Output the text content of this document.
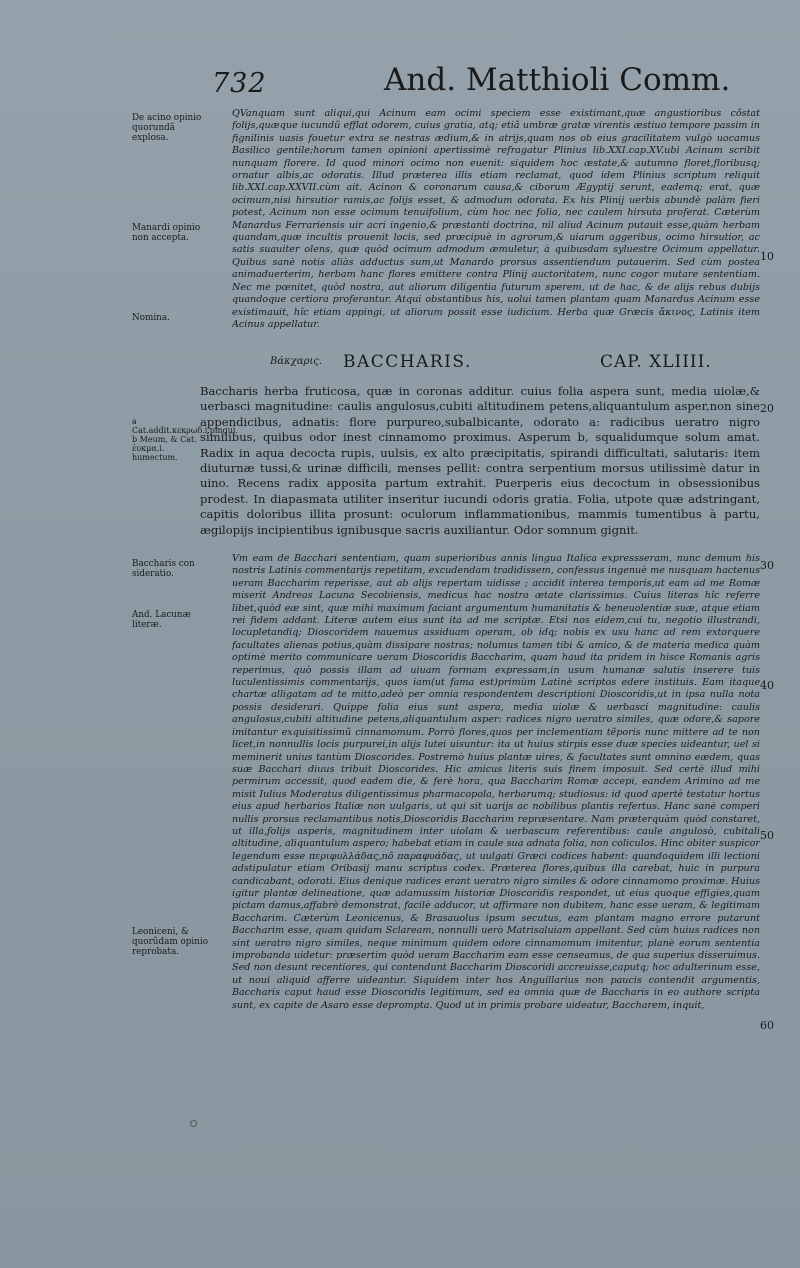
732	And. Matthioli Comm.
De acino opinio quorundã explosa.
Manardi opinio non accepta.
Nomina.
a Cat.addit.κεκρωδ.i.pingui. b Meum, & Cat. ἐυκμα.i. humectum.
Baccharis con sideratio.
And. Lacunæ literæ.
Leoniceni, & quorũdam opinio reprobata.
10
20
30
40
50
60
QVanquam sunt aliqui,qui Acinum eam ocimi speciem esse existimant,quæ angustioribus cõstat folijs,quæque iucundũ efflat odorem, cuius gratia, atq; etiã umbræ gratæ virentis æstiuo tempore passim in fignilinis uasis fouetur extra se nestras ædium,& in atrijs,quam nos ob eius gracilitatem vulgò uocamus Basilico gentile;horum tamen opinioni apertissimè refragatur Plinius lib.XXI.cap.XV.ubi Acinum scribit nunquam florere. Id quod minori ocimo non euenit: siquidem hoc æstate,& autumno floret,floribusq; ornatur albis,ac odoratis. Illud præterea illis etiam reclamat, quod idem Plinius scriptum reliquit lib.XXI.cap.XXVII.cùm ait. Acinon & coronarum causa,& ciborum Ægyptij serunt, eademq; erat, quæ ocimum,nisi hirsutior ramis,ac folijs esset, & admodum odorata. Ex his Plinij uerbis abundè palàm fieri potest, Acinum non esse ocimum tenuifolium, cùm hoc nec folia, nec caulem hirsuta proferat. Cæterùm Manardus Ferrariensis uir acri ingenio,& præstanti doctrina, nil aliud Acinum putauit esse,quàm herbam quandam,quæ incultis prouenit locis, sed præcipuè in agrorum,& uiarum aggeribus, ocimo hirsutior, ac satis suauiter olens, quæ quòd ocimum admodum æmuletur, à quibusdam syluestre Ocimum appellatur. Quibus sanè notis aliàs adductus sum,ut Manardo prorsus assentiendum putauerim. Sed cùm postea animaduerterim, herbam hanc flores emittere contra Plinij auctoritatem, nunc cogor mutare sententiam. Nec me pœnitet, quòd nostra, aut aliorum diligentia futurum sperem, ut de hac, & de alijs rebus dubijs quandoque certiora proferantur. Atqui obstantibus his, uolui tamen plantam quam Manardus Acinum esse existimauit, hîc etiam appingi, ut aliorum possit esse iudicium. Herba quæ Græcis ἄκινος, Latinis item Acinus appellatur.
Βάκχαρις. BACCHARIS.	CAP. XLIIII.
Baccharis herba fruticosa, quæ in coronas additur. cuius folia aspera sunt, media uiolæ,& uerbasci magnitudine: caulis angulosus,cubiti altitudinem petens,aliquantulum asper,non sine appendicibus, adnatis: flore purpureo,subalbicante, odorato a: radicibus ueratro nigro similibus, quibus odor inest cinnamomo proximus. Asperum b, squalidumque solum amat. Radix in aqua decocta rupis, uulsis, ex alto præcipitatis, spirandi difficultati, salutaris: item diuturnæ tussi,& urinæ difficili, menses pellit: contra serpentium morsus utilissimè datur in uino. Recens radix apposita partum extrahit. Puerperis eius decoctum in obsessionibus prodest. In diapasmata utiliter inseritur iucundi odoris gratia. Folia, utpote quæ adstringant, capitis doloribus illita prosunt: oculorum inflammationibus, mammis tumentibus à partu, ægilopijs incipientibus ignibusque sacris auxiliantur. Odor somnum gignit.
Vm eam de Bacchari sententiam, quam superioribus annis lingua Italica expressseram, nunc demum his nostris Latinis commentarijs repetitam, excudendam tradidissem, confessus ingenuè me nusquam hactenus ueram Baccharim reperisse, aut ab alijs repertam uidisse ; accidit interea temporis,ut eam ad me Romæ miserit Andreas Lacuna Secobiensis, medicus hac nostra ætate clarissimus. Cuius literas hîc referre libet,quòd eæ sint, quæ mihi maximum faciant argumentum humanitatis & beneuolentiæ suæ, atque etiam rei fidem addant. Literæ autem eius sunt ita ad me scriptæ. Etsi nos eidem,cui tu, negotio illustrandi, locupletandiq; Dioscoridem nauemus assiduam operam, ob idq; nobis ex usu hanc ad rem extorquere facultates alienas potius,quàm dissipare nostras; nolumus tamen tibi & amico, & de materia medica quàm optimè merito communicare ueram Dioscoridis Baccharim, quam haud ita pridem in hisce Romanis agris reperimus, quò possis illam ad uiuam formam expressam,in usum humanæ salutis inserere tuis luculentissimis commentarijs, quos iam(ut fama est)primùm Latinè scriptos edere instituis. Eam itaque chartæ alligatam ad te mitto,adeò per omnia respondentem descriptioni Dioscoridis,ut in ipsa nulla nota possis desiderari. Quippe folia eius sunt aspera, media uiolæ & uerbasci magnitudine: caulis angulosus,cubiti altitudine petens,aliquantulum asper: radices nigro ueratro similes, quæ odore,& sapore imitantur exquisitissimũ cinnamomum. Porrò flores,quos per inclementiam tẽporis nunc mittere ad te non licet,in nonnullis locis purpurei,in alijs lutei uisuntur: ita ut huius stirpis esse duæ species uideantur, uel si meminerit unius tantùm Dioscorides. Postremò huius plantæ uires, & facultates sunt omnino eædem, quas suæ Bacchari diuus tribuit Dioscorides. Hic amicus literis suis finem imposuit. Sed certè illud mihi permirum accessit, quod eadem die, & ferè hora, qua Baccharim Romæ accepi, eandem Arimino ad me misit Iulius Moderatus diligentissimus pharmacopola, herbarumq; studiosus: id quod apertè testatur hortus eius apud herbarios Italiæ non uulgaris, ut qui sit uarijs ac nobilibus plantis refertus. Hanc sanè comperi nullis prorsus reclamantibus notis,Dioscoridis Baccharim repræsentare. Nam præterquàm quòd constaret, ut illa,folijs asperis, magnitudinem inter uiolam & uerbascum referentibus: caule angulosò, cubitali altitudine, aliquantulum aspero; habebat etiam in caule sua adnata folia, non coliculos. Hinc obiter suspicor legendum esse περιφυλλάδας,nõ παραφυάδας, ut uulgati Græci codices habent: quandoquidem illi lectioni adstipulatur etiam Oribasij manu scriptus codex. Præterea flores,quibus illa carebat, huic in purpura candicabant, odorati. Eius denique radices erant ueratro nigro similes & odore cinnamomo proximæ. Huius igitur plantæ delineatione, quæ adamussim historiæ Dioscoridis respondet, ut eius quoque effigies,quam pictam damus,affabrè demonstrat, facilè adducor, ut affirmare non dubitem, hanc esse ueram, & legitimam Baccharim. Cæterùm Leonicenus, & Brasauolus ipsum secutus, eam plantam magno errore putarunt Baccharim esse, quam quidam Sclaream, nonnulli uerò Matrisaluiam appellant. Sed cùm huius radices non sint ueratro nigro similes, neque minimum quidem odore cinnamomum imitentur, planè eorum sententia improbanda uidetur: præsertim quòd ueram Baccharim eam esse censeamus, de qua superius disseruimus. Sed non desunt recentiores, qui contendunt Baccharim Dioscoridi accreuisse,caputq; hoc adulterinum esse, ut noui aliquid afferre uideantur. Siquidem inter hos Anguillarius non paucis contendit argumentis, Baccharis caput haud esse Dioscoridis legitimum, sed ea omnia quæ de Baccharis in eo authore scripta sunt, ex capite de Asaro esse deprompta. Quod ut in primis probare uideatur, Baccharem, inquit,
